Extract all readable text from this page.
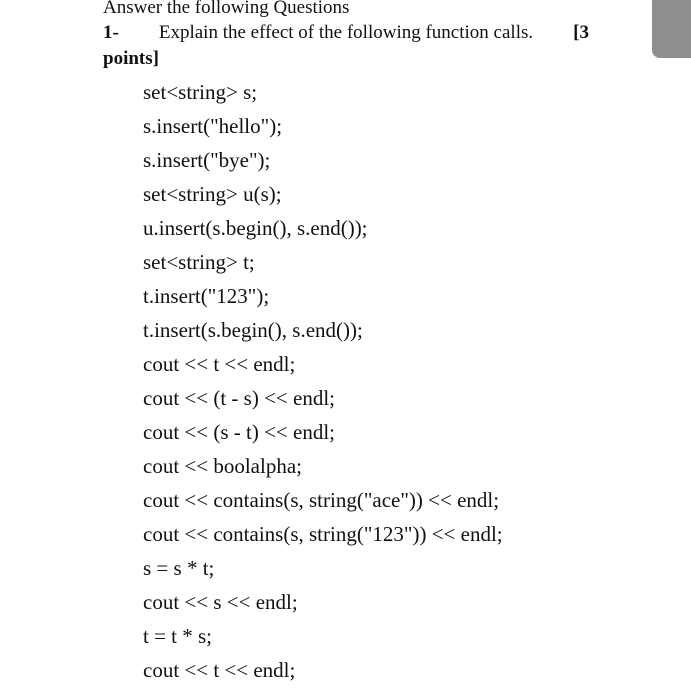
Answer the following Questions
1- Explain the effect of the following function calls. [3
points]
set<string> s;
s.insert("hello");
s.insert("bye");
set<string> u(s);
u.insert(s.begin(), s.end());
set<string> t;
t.insert("123");
t.insert(s.begin(), s.end());
cout << t << endl;
cout << (t - s) << endl;
cout << (s - t) << endl;
cout << boolalpha;
cout << contains(s, string("ace")) << endl;
cout << contains(s, string("123")) << endl;
s = s * t;
cout << s << endl;
t = t * s;
cout << t << endl;
